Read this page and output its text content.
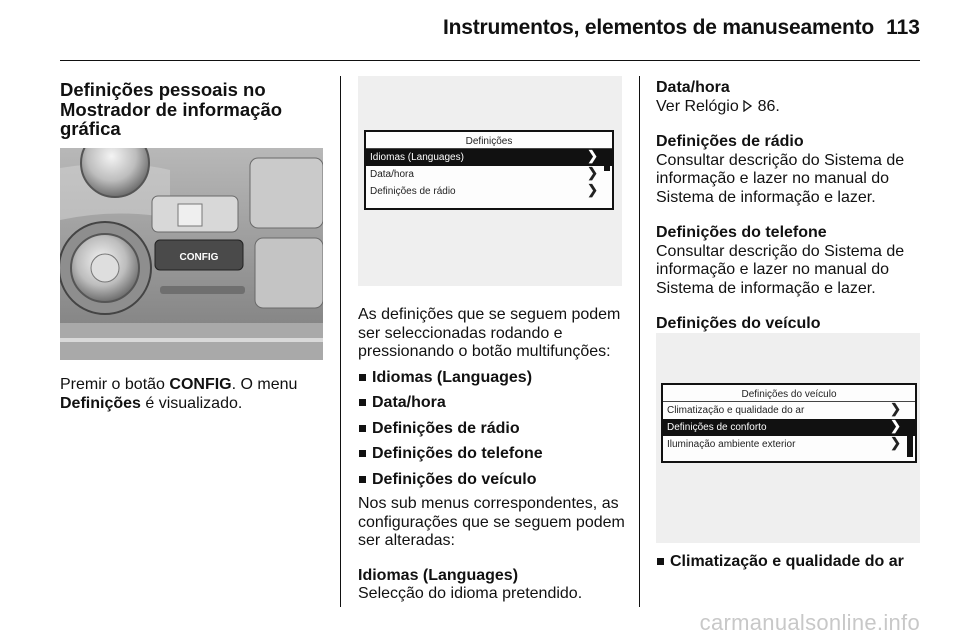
Instrumentos, elementos de manuseamento 113
Definições pessoais no Mostrador de informação gráfica
CONFIG
Premir o botão CONFIG. O menu Definições é visualizado.
Definições
Idiomas (Languages)	❯
Data/hora	❯
Definições de rádio	❯
As definições que se seguem podem ser seleccionadas rodando e pressionando o botão multifunções:
Idiomas (Languages)
Data/hora
Definições de rádio
Definições do telefone
Definições do veículo
Nos sub menus correspondentes, as configurações que se seguem podem ser alteradas:
Idiomas (Languages)
Selecção do idioma pretendido.
Data/hora
Ver Relógio 86.
Definições de rádio
Consultar descrição do Sistema de informação e lazer no manual do Sistema de informação e lazer.
Definições do telefone
Consultar descrição do Sistema de informação e lazer no manual do Sistema de informação e lazer.
Definições do veículo
Definições do veículo
Climatização e qualidade do ar	❯
Definições de conforto	❯
Iluminação ambiente exterior	❯
Climatização e qualidade do ar
carmanualsonline.info
